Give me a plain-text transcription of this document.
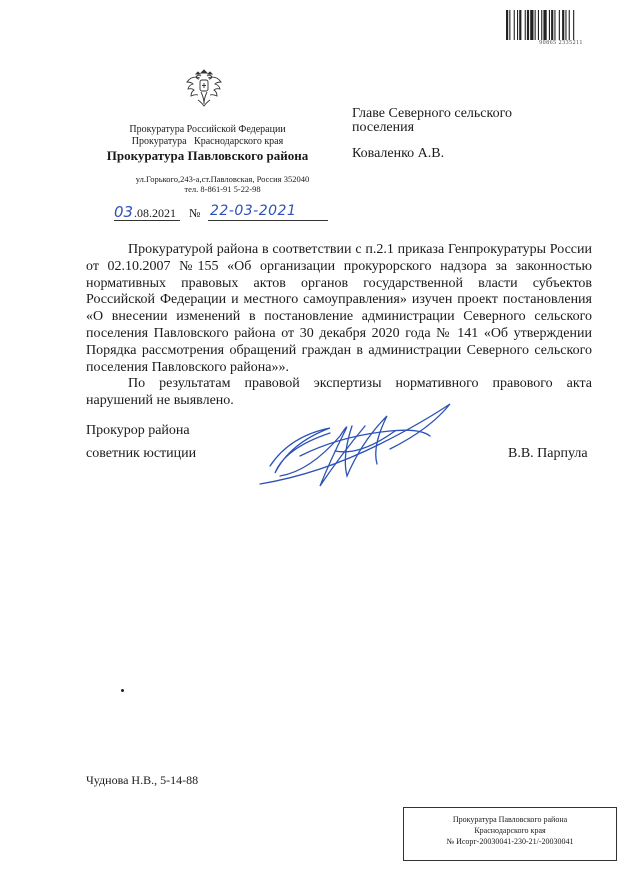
90865 2335211
Прокуратура Российской Федерации
Прокуратура   Краснодарского края
Прокуратура Павловского района
ул.Горького,243-а,ст.Павловская, Россия 352040
тел. 8-861-91 5-22-98
03 .08.2021 № 22-03-2021
Главе Северного сельского
поселения
Коваленко А.В.

Прокуратурой района в соответствии с п.2.1 приказа Генпрокуратуры России от 02.10.2007 №155 «Об организации прокурорского надзора за законностью нормативных правовых актов органов государственной власти субъектов Российской Федерации и местного самоуправления» изучен проект постановления «О внесении изменений в постановление администрации Северного сельского поселения Павловского района от 30 декабря 2020 года № 141 «Об утверждении Порядка рассмотрения обращений граждан в администрации Северного сельского поселения Павловского района»».

По результатам правовой экспертизы нормативного правового акта нарушений не выявлено.

Прокурор района
советник юстиции	В.В. Парпула
Чуднова Н.В., 5-14-88
Прокуратура Павловского района
Краснодарского края
№ Исорг-20030041-230-21/-20030041
